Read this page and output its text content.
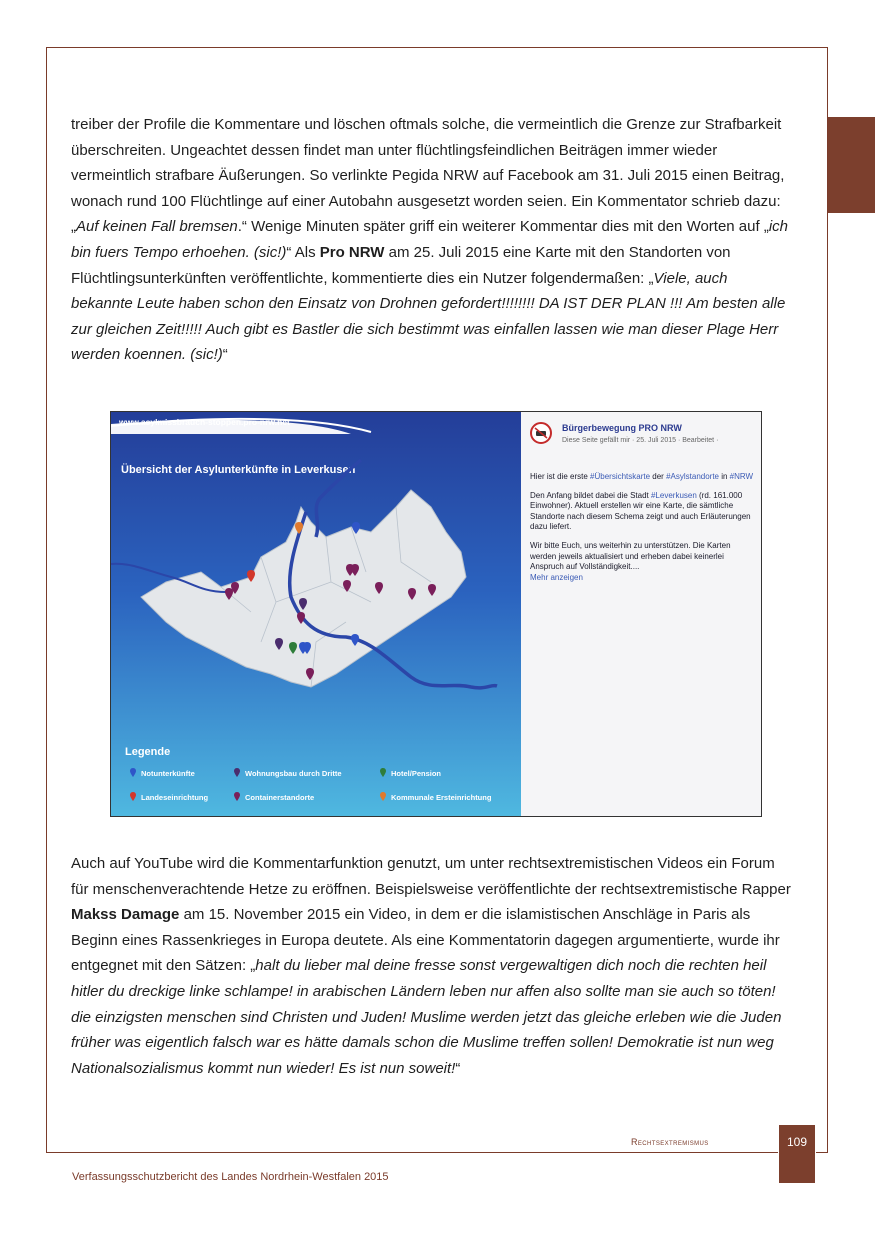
treiber der Profile die Kommentare und löschen oftmals solche, die vermeintlich die Grenze zur Strafbarkeit überschreiten. Ungeachtet dessen findet man unter flüchtlingsfeindlichen Beiträgen immer wieder vermeintlich strafbare Äußerungen. So verlinkte Pegida NRW auf Facebook am 31. Juli 2015 einen Beitrag, wonach rund 100 Flüchtlinge auf einer Autobahn ausgesetzt worden seien. Ein Kommentator schrieb dazu: „Auf keinen Fall bremsen.“ Wenige Minuten später griff ein weiterer Kommentar dies mit den Worten auf „ich bin fuers Tempo erhoehen. (sic!)“ Als Pro NRW am 25. Juli 2015 eine Karte mit den Standorten von Flüchtlingsunterkünften veröffentlichte, kommentierte dies ein Nutzer folgendermaßen: „Viele, auch bekannte Leute haben schon den Einsatz von Drohnen gefordert!!!!!!!! DA IST DER PLAN !!! Am besten alle zur gleichen Zeit!!!!! Auch gibt es Bastler die sich bestimmt was einfallen lassen wie man dieser Plage Herr werden koennen. (sic!)“

www.asylmissbrauch-stoppen.pro-nrw.net
Übersicht der Asylunterkünfte in Leverkusen
Legende
Notunterkünfte	Wohnungsbau durch Dritte	Hotel/Pension
Landeseinrichtung	Containerstandorte	Kommunale Ersteinrichtung
Bürgerbewegung PRO NRW
Diese Seite gefällt mir · 25. Juli 2015 · Bearbeitet ·

Hier ist die erste #Übersichtskarte der #Asylstandorte in #NRW

Den Anfang bildet dabei die Stadt #Leverkusen (rd. 161.000 Einwohner). Aktuell erstellen wir eine Karte, die sämtliche Standorte nach diesem Schema zeigt und auch Erläuterungen dazu liefert.

Wir bitte Euch, uns weiterhin zu unterstützen. Die Karten werden jeweils aktualisiert und erheben dabei keinerlei Anspruch auf Vollständigkeit....
Mehr anzeigen

Auch auf YouTube wird die Kommentarfunktion genutzt, um unter rechtsextremistischen Videos ein Forum für menschenverachtende Hetze zu eröffnen. Beispielsweise veröffentlichte der rechtsextremistische Rapper Makss Damage am 15. November 2015 ein Video, in dem er die islamistischen Anschläge in Paris als Beginn eines Rassenkrieges in Europa deutete. Als eine Kommentatorin dagegen argumentierte, wurde ihr entgegnet mit den Sätzen: „halt du lieber mal deine fresse sonst vergewaltigen dich noch die rechten heil hitler du dreckige linke schlampe! in arabischen Ländern leben nur affen also sollte man sie auch so töten! die einzigsten menschen sind Christen und Juden! Muslime werden jetzt das gleiche erleben wie die Juden früher was eigentlich falsch war es hätte damals schon die Muslime treffen sollen! Demokratie ist nun weg Nationalsozialismus kommt nun wieder! Es ist nun soweit!“

Rechtsextremismus	109
Verfassungsschutzbericht des Landes Nordrhein-Westfalen 2015
